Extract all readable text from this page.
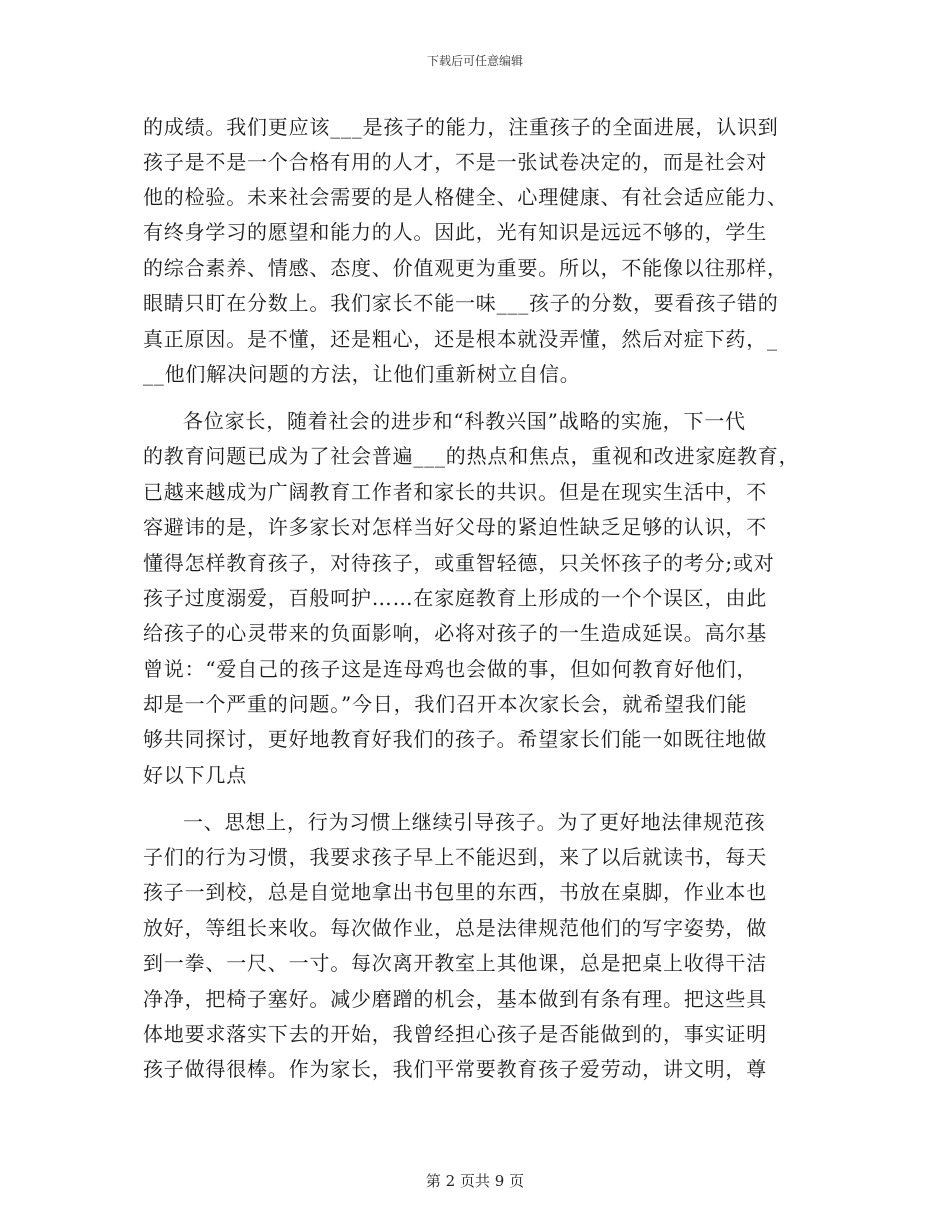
下载后可任意编辑
的成绩。我们更应该___是孩子的能力，注重孩子的全面进展，认识到
孩子是不是一个合格有用的人才，不是一张试卷决定的，而是社会对
他的检验。未来社会需要的是人格健全、心理健康、有社会适应能力、
有终身学习的愿望和能力的人。因此，光有知识是远远不够的，学生
的综合素养、情感、态度、价值观更为重要。所以，不能像以往那样，
眼睛只盯在分数上。我们家长不能一味___孩子的分数，要看孩子错的
真正原因。是不懂，还是粗心，还是根本就没弄懂，然后对症下药，_
__他们解决问题的方法，让他们重新树立自信。
各位家长，随着社会的进步和“科教兴国”战略的实施，下一代
的教育问题已成为了社会普遍___的热点和焦点，重视和改进家庭教育，
已越来越成为广阔教育工作者和家长的共识。但是在现实生活中，不
容避讳的是，许多家长对怎样当好父母的紧迫性缺乏足够的认识，不
懂得怎样教育孩子，对待孩子，或重智轻德，只关怀孩子的考分;或对
孩子过度溺爱，百般呵护……在家庭教育上形成的一个个误区，由此
给孩子的心灵带来的负面影响，必将对孩子的一生造成延误。高尔基
曾说：“爱自己的孩子这是连母鸡也会做的事，但如何教育好他们，
却是一个严重的问题。”今日，我们召开本次家长会，就希望我们能
够共同探讨，更好地教育好我们的孩子。希望家长们能一如既往地做
好以下几点
一、思想上，行为习惯上继续引导孩子。为了更好地法律规范孩
子们的行为习惯，我要求孩子早上不能迟到，来了以后就读书，每天
孩子一到校，总是自觉地拿出书包里的东西，书放在桌脚，作业本也
放好，等组长来收。每次做作业，总是法律规范他们的写字姿势，做
到一拳、一尺、一寸。每次离开教室上其他课，总是把桌上收得干洁
净净，把椅子塞好。减少磨蹭的机会，基本做到有条有理。把这些具
体地要求落实下去的开始，我曾经担心孩子是否能做到的，事实证明
孩子做得很棒。作为家长，我们平常要教育孩子爱劳动，讲文明，尊
第 2 页共 9 页
